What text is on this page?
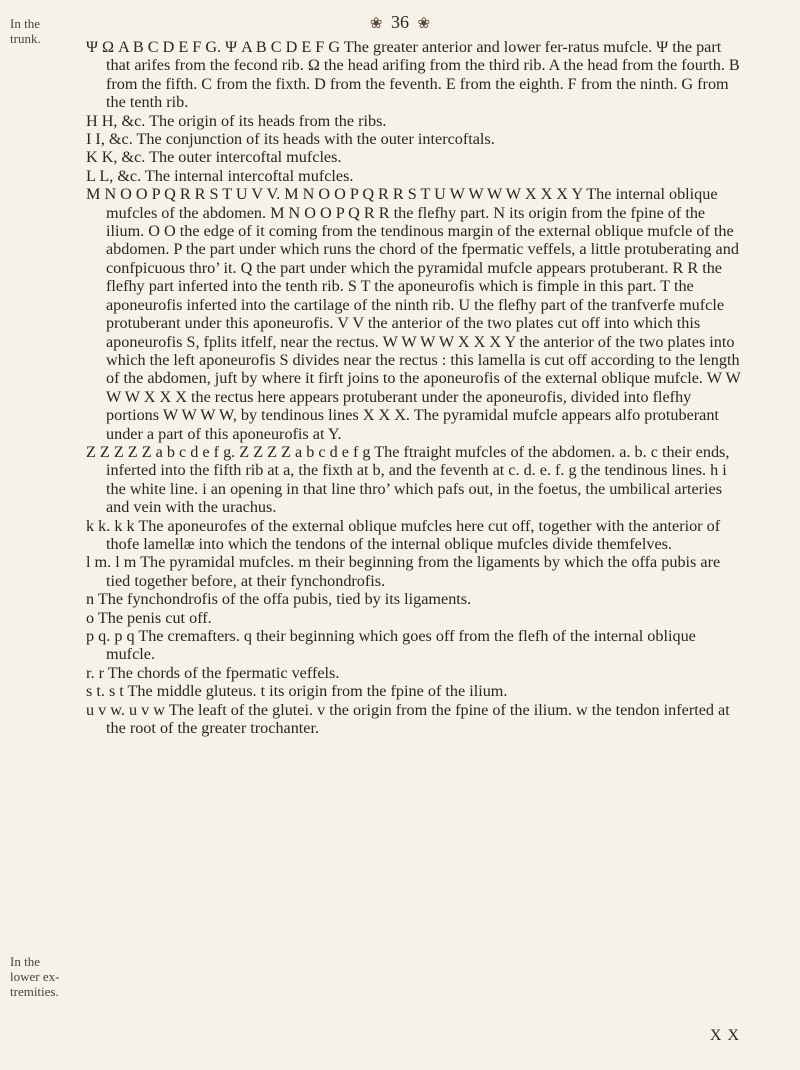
❀ 36 ❀
In the
trunk.
In the
lower ex-
tremities.

Ψ Ω A B C D E F G. Ψ A B C D E F G The greater anterior and lower fer-ratus mufcle. Ψ the part that arifes from the fecond rib. Ω the head arifing from the third rib. A the head from the fourth. B from the fifth. C from the fixth. D from the feventh. E from the eighth. F from the ninth. G from the tenth rib.

H H, &c. The origin of its heads from the ribs.

I I, &c. The conjunction of its heads with the outer intercoftals.

K K, &c. The outer intercoftal mufcles.

L L, &c. The internal intercoftal mufcles.

M N O O P Q R R S T U V V. M N O O P Q R R S T U W W W W X X X Y The internal oblique mufcles of the abdomen. M N O O P Q R R the flefhy part. N its origin from the fpine of the ilium. O O the edge of it coming from the tendinous margin of the external oblique mufcle of the abdomen. P the part under which runs the chord of the fpermatic veffels, a little protuberating and confpicuous thro’ it. Q the part under which the pyramidal mufcle appears protuberant. R R the flefhy part inferted into the tenth rib. S T the aponeurofis which is fimple in this part. T the aponeurofis inferted into the cartilage of the ninth rib. U the flefhy part of the tranfverfe mufcle protuberant under this aponeurofis. V V the anterior of the two plates cut off into which this aponeurofis S, fplits itfelf, near the rectus. W W W W X X X Y the anterior of the two plates into which the left aponeurofis S divides near the rectus : this lamella is cut off according to the length of the abdomen, juft by where it firft joins to the aponeurofis of the external oblique mufcle. W W W W X X X the rectus here appears protuberant under the aponeurofis, divided into flefhy portions W W W W, by tendinous lines X X X. The pyramidal mufcle appears alfo protuberant under a part of this aponeurofis at Y.

Z Z Z Z Z a b c d e f g. Z Z Z Z a b c d e f g The ftraight mufcles of the abdomen. a. b. c their ends, inferted into the fifth rib at a, the fixth at b, and the feventh at c. d. e. f. g the tendinous lines. h i the white line. i an opening in that line thro’ which pafs out, in the foetus, the umbilical arteries and vein with the urachus.

k k. k k The aponeurofes of the external oblique mufcles here cut off, together with the anterior of thofe lamellæ into which the tendons of the internal oblique mufcles divide themfelves.

l m. l m The pyramidal mufcles. m their beginning from the ligaments by which the offa pubis are tied together before, at their fynchondrofis.

n The fynchondrofis of the offa pubis, tied by its ligaments.

o The penis cut off.

p q. p q The cremafters. q their beginning which goes off from the flefh of the internal oblique mufcle.

r. r The chords of the fpermatic veffels.

s t. s t The middle gluteus. t its origin from the fpine of the ilium.

u v w. u v w The leaft of the glutei. v the origin from the fpine of the ilium. w the tendon inferted at the root of the greater trochanter.

X X
